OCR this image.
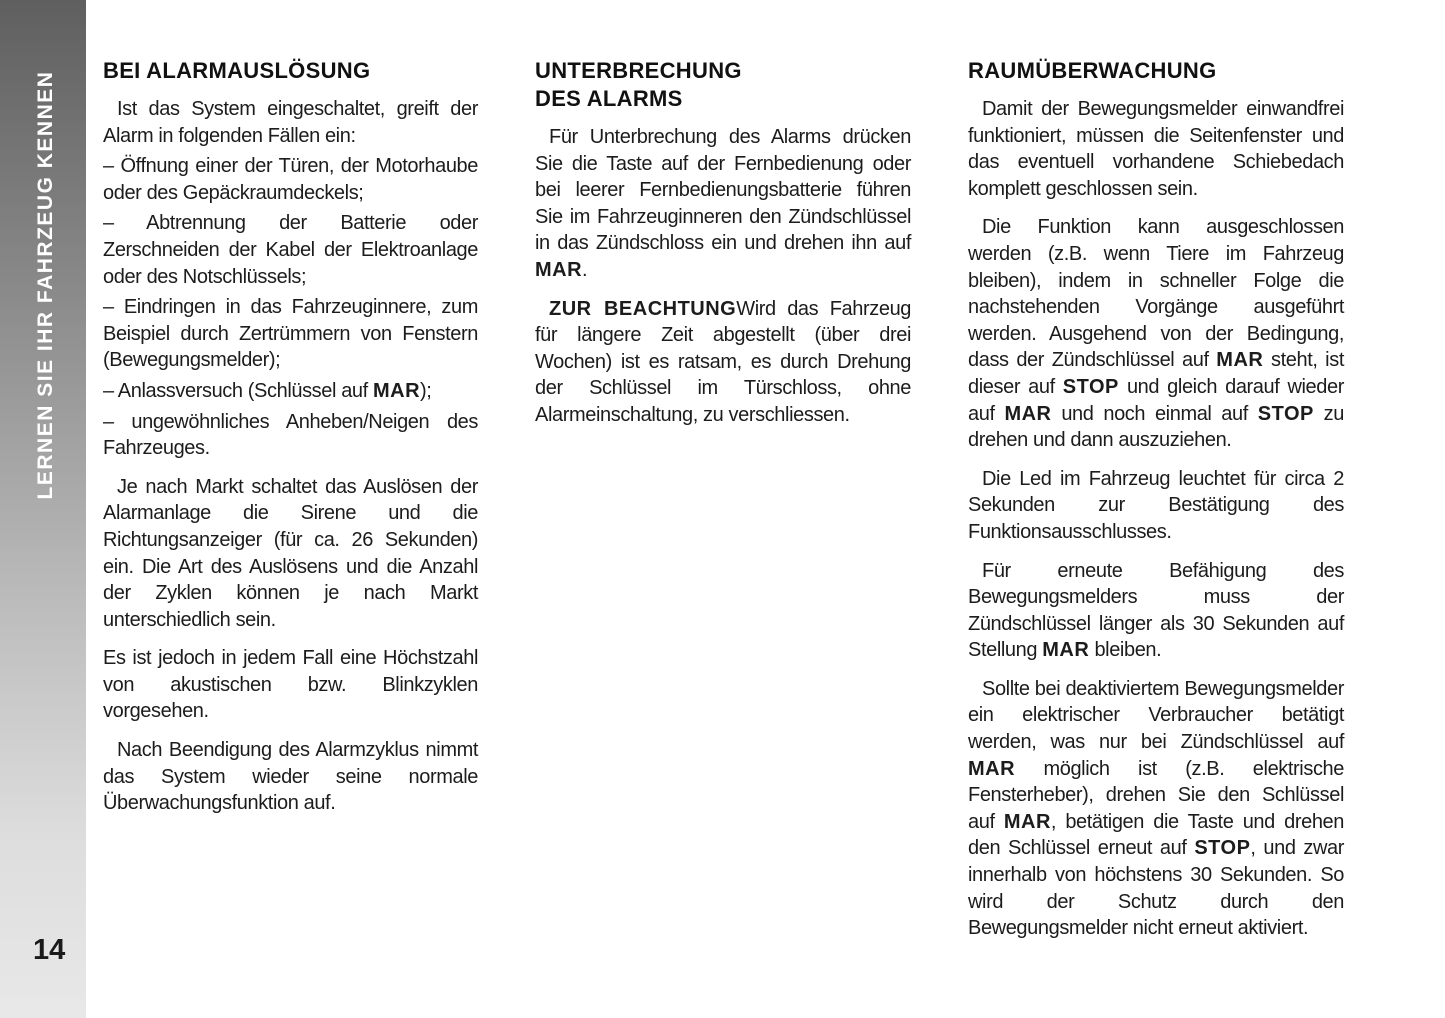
LERNEN SIE IHR FAHRZEUG KENNEN
14
BEI ALARMAUSLÖSUNG

Ist das System eingeschaltet, greift der Alarm in folgenden Fällen ein:

– Öffnung einer der Türen, der Motorhaube oder des Gepäckraumdeckels;

– Abtrennung der Batterie oder Zerschneiden der Kabel der Elektroanlage oder des Notschlüssels;

– Eindringen in das Fahrzeuginnere, zum Beispiel durch Zertrümmern von Fenstern (Bewegungsmelder);

– Anlassversuch (Schlüssel auf MAR);

– ungewöhnliches Anheben/Neigen des Fahrzeuges.

Je nach Markt schaltet das Auslösen der Alarmanlage die Sirene und die Richtungsanzeiger (für ca. 26 Sekunden) ein. Die Art des Auslösens und die Anzahl der Zyklen können je nach Markt unterschiedlich sein.

Es ist jedoch in jedem Fall eine Höchstzahl von akustischen bzw. Blinkzyklen vorgesehen.

Nach Beendigung des Alarmzyklus nimmt das System wieder seine normale Überwachungsfunktion auf.

UNTERBRECHUNG
DES ALARMS

Für Unterbrechung des Alarms drücken Sie die Taste auf der Fernbedienung oder bei leerer Fernbedienungsbatterie führen Sie im Fahrzeuginneren den Zündschlüssel in das Zündschloss ein und drehen ihn auf MAR.

ZUR BEACHTUNGWird das Fahrzeug für längere Zeit abgestellt (über drei Wochen) ist es ratsam, es durch Drehung der Schlüssel im Türschloss, ohne Alarmeinschaltung, zu verschliessen.

RAUMÜBERWACHUNG

Damit der Bewegungsmelder einwandfrei funktioniert, müssen die Seitenfenster und das eventuell vorhandene Schiebedach komplett geschlossen sein.

Die Funktion kann ausgeschlossen werden (z.B. wenn Tiere im Fahrzeug bleiben), indem in schneller Folge die nachstehenden Vorgänge ausgeführt werden. Ausgehend von der Bedingung, dass der Zündschlüssel auf MAR steht, ist dieser auf STOP und gleich darauf wieder auf MAR und noch einmal auf STOP zu drehen und dann auszuziehen.

Die Led im Fahrzeug leuchtet für circa 2 Sekunden zur Bestätigung des Funktionsausschlusses.

Für erneute Befähigung des Bewegungsmelders muss der Zündschlüssel länger als 30 Sekunden auf Stellung MAR bleiben.

Sollte bei deaktiviertem Bewegungsmelder ein elektrischer Verbraucher betätigt werden, was nur bei Zündschlüssel auf MAR möglich ist (z.B. elektrische Fensterheber), drehen Sie den Schlüssel auf MAR, betätigen die Taste und drehen den Schlüssel erneut auf STOP, und zwar innerhalb von höchstens 30 Sekunden. So wird der Schutz durch den Bewegungsmelder nicht erneut aktiviert.
